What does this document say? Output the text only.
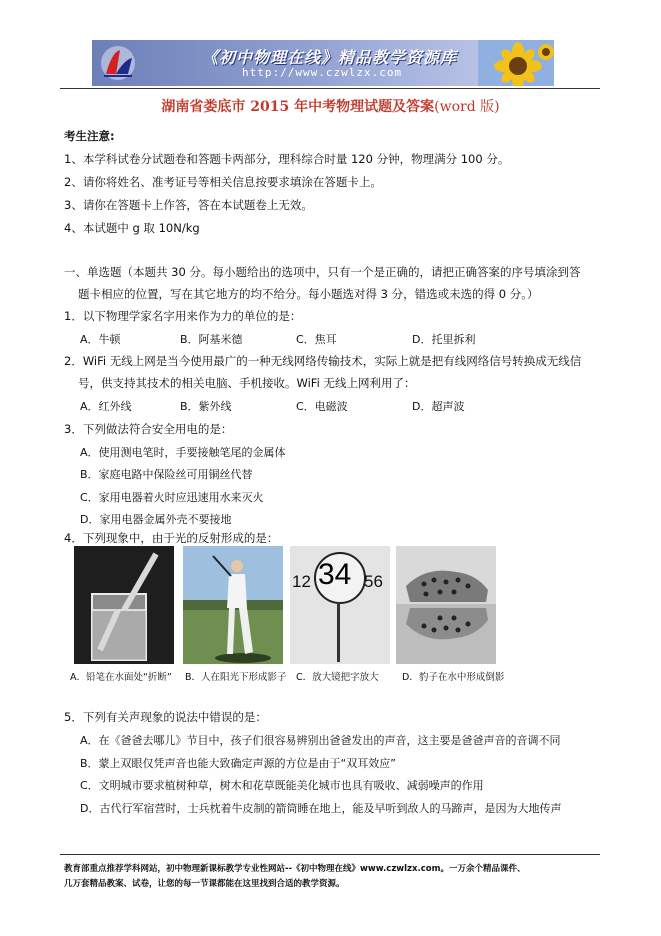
《初中物理在线》精品教学资源库
http://www.czwlzx.com
湖南省娄底市 2015 年中考物理试题及答案(word 版)
考生注意:
1、本学科试卷分试题卷和答题卡两部分，理科综合时量 120 分钟，物理满分 100 分。
2、请你将姓名、准考证号等相关信息按要求填涂在答题卡上。
3、请你在答题卡上作答，答在本试题卷上无效。
4、本试题中 g 取 10N/kg
一、单选题（本题共 30 分。每小题给出的选项中，只有一个是正确的，请把正确答案的序号填涂到答
题卡相应的位置，写在其它地方的均不给分。每小题选对得 3 分，错选或未选的得 0 分。）
1．以下物理学家名字用来作为力的单位的是：
A．牛顿	B．阿基米德	C．焦耳	D．托里拆利
2．WiFi 无线上网是当今使用最广的一种无线网络传输技术，实际上就是把有线网络信号转换成无线信
号，供支持其技术的相关电脑、手机接收。WiFi 无线上网利用了：
A．红外线	B．紫外线	C．电磁波	D．超声波
3．下列做法符合安全用电的是：
A．使用测电笔时，手要接触笔尾的金属体
B．家庭电路中保险丝可用铜丝代替
C．家用电器着火时应迅速用水来灭火
D．家用电器金属外壳不要接地
4．下列现象中，由于光的反射形成的是：
A．铅笔在水面处“折断” B．人在阳光下形成影子
12 34 56
C．放大镜把字放大 D．豹子在水中形成倒影
5．下列有关声现象的说法中错误的是：
A．在《爸爸去哪儿》节目中，孩子们很容易辨别出爸爸发出的声音，这主要是爸爸声音的音调不同
B．蒙上双眼仅凭声音也能大致确定声源的方位是由于“双耳效应”
C．文明城市要求植树种草，树木和花草既能美化城市也具有吸收、减弱噪声的作用
D．古代行军宿营时，士兵枕着牛皮制的箭筒睡在地上，能及早听到敌人的马蹄声，是因为大地传声
教育部重点推荐学科网站，初中物理新课标教学专业性网站--《初中物理在线》www.czwlzx.com。一万余个精品课件、
几万套精品教案、试卷，让您的每一节课都能在这里找到合适的教学资源。
